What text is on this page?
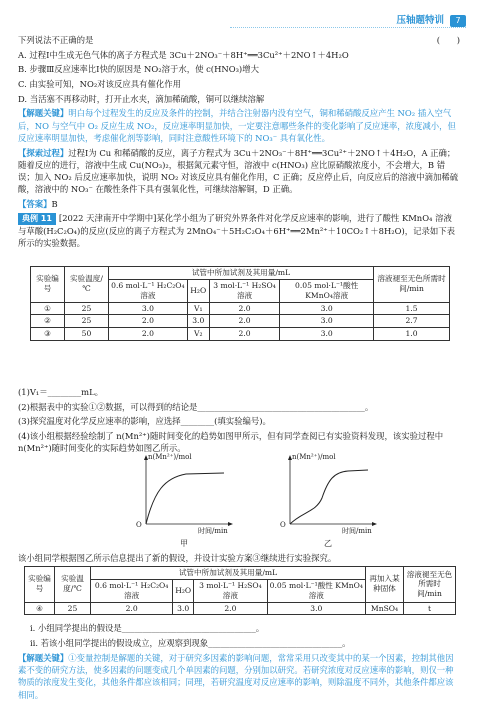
压轴题特训	7
下列说法不正确的是	(　　)
A. 过程Ⅰ中生成无色气体的离子方程式是 3Cu＋2NO₃⁻＋8H⁺══3Cu²⁺＋2NO↑＋4H₂O
B. 步骤Ⅲ反应速率比Ⅰ快的原因是 NO₂溶于水，使 c(HNO₃)增大
C. 由实验可知，NO₂对该反应具有催化作用
D. 当活塞不再移动时，打开止水夹，滴加稀硫酸，铜可以继续溶解
【解题关键】明白每个过程发生的反应及条件的控制，并结合注射器内没有空气，铜和稀硝酸反应产生 NO₂ 插入空气后，NO 与空气中 O₂ 反应生成 NO₂，反应速率明显加快，一定要注意哪些条件的变化影响了反应速率，浓度减小，但反应速率明显加快，考虑催化剂等影响，同时注意酸性环境下的 NO₃⁻ 具有氧化性。
【探索过程】过程Ⅰ为 Cu 和稀硝酸的反应，离子方程式为 3Cu＋2NO₃⁻＋8H⁺══3Cu²⁺＋2NO↑＋4H₂O，A 正确；随着反应的进行，溶液中生成 Cu(NO₃)₂，根据氮元素守恒，溶液中 c(HNO₃) 应比原硝酸浓度小，不会增大，B 错误；加入 NO₂ 后反应速率加快，说明 NO₂ 对该反应具有催化作用，C 正确；反应停止后，向反应后的溶液中滴加稀硫酸，溶液中的 NO₃⁻ 在酸性条件下具有强氧化性，可继续溶解铜，D 正确。
【答案】B
典例 11 [2022 天津南开中学期中]某化学小组为了研究外界条件对化学反应速率的影响，进行了酸性 KMnO₄ 溶液与草酸(H₂C₂O₄)的反应(反应的离子方程式为 2MnO₄⁻＋5H₂C₂O₄＋6H⁺══2Mn²⁺＋10CO₂↑＋8H₂O)，记录如下表所示的实验数据。
实验编号	实验温度/℃	试管中所加试剂及其用量/mL				溶液褪至无色所需时间/min
		0.6 mol·L⁻¹ H₂C₂O₄溶液	H₂O	3 mol·L⁻¹ H₂SO₄溶液	0.05 mol·L⁻¹酸性 KMnO₄溶液	
①	25	3.0	V₁	2.0	3.0	1.5
②	25	2.0	3.0	2.0	3.0	2.7
③	50	2.0	V₂	2.0	3.0	1.0
(1)V₁＝________mL。
(2)根据表中的实验①②数据，可以得到的结论是________________________________________。
(3)探究温度对化学反应速率的影响，应选择________(填实验编号)。
(4)该小组根据经验绘制了 n(Mn²⁺)随时间变化的趋势如图甲所示，但有同学查阅已有实验资料发现，该实验过程中 n(Mn²⁺)随时间变化的实际趋势如图乙所示。
n(Mn²⁺)/mol
O
时间/min
甲
n(Mn²⁺)/mol
O
时间/min
乙
该小组同学根据图乙所示信息提出了新的假设，并设计实验方案③继续进行实验探究。
实验编号	实验温度/℃	试管中所加试剂及其用量/mL				再加入某种固体	溶液褪至无色所需时间/min
		0.6 mol·L⁻¹ H₂C₂O₄溶液	H₂O	3 mol·L⁻¹ H₂SO₄溶液	0.05 mol·L⁻¹酸性 KMnO₄溶液		
④	25	2.0	3.0	2.0	3.0	MnSO₄	t
ⅰ. 小组同学提出的假设是________________________________。
ⅱ. 若该小组同学提出的假设成立，应观察到现象________________________________。
【解题关键】①变量控制是解题的关键，对于研究多因素的影响问题，常常采用只改变其中的某一个因素，控制其他因素不变的研究方法，使多因素的问题变成几个单因素的问题，分别加以研究。若研究浓度对反应速率的影响，则仅一种物质的浓度发生变化，其他条件都应该相同；同理，若研究温度对反应速率的影响，则除温度不同外，其他条件都应该相同。
